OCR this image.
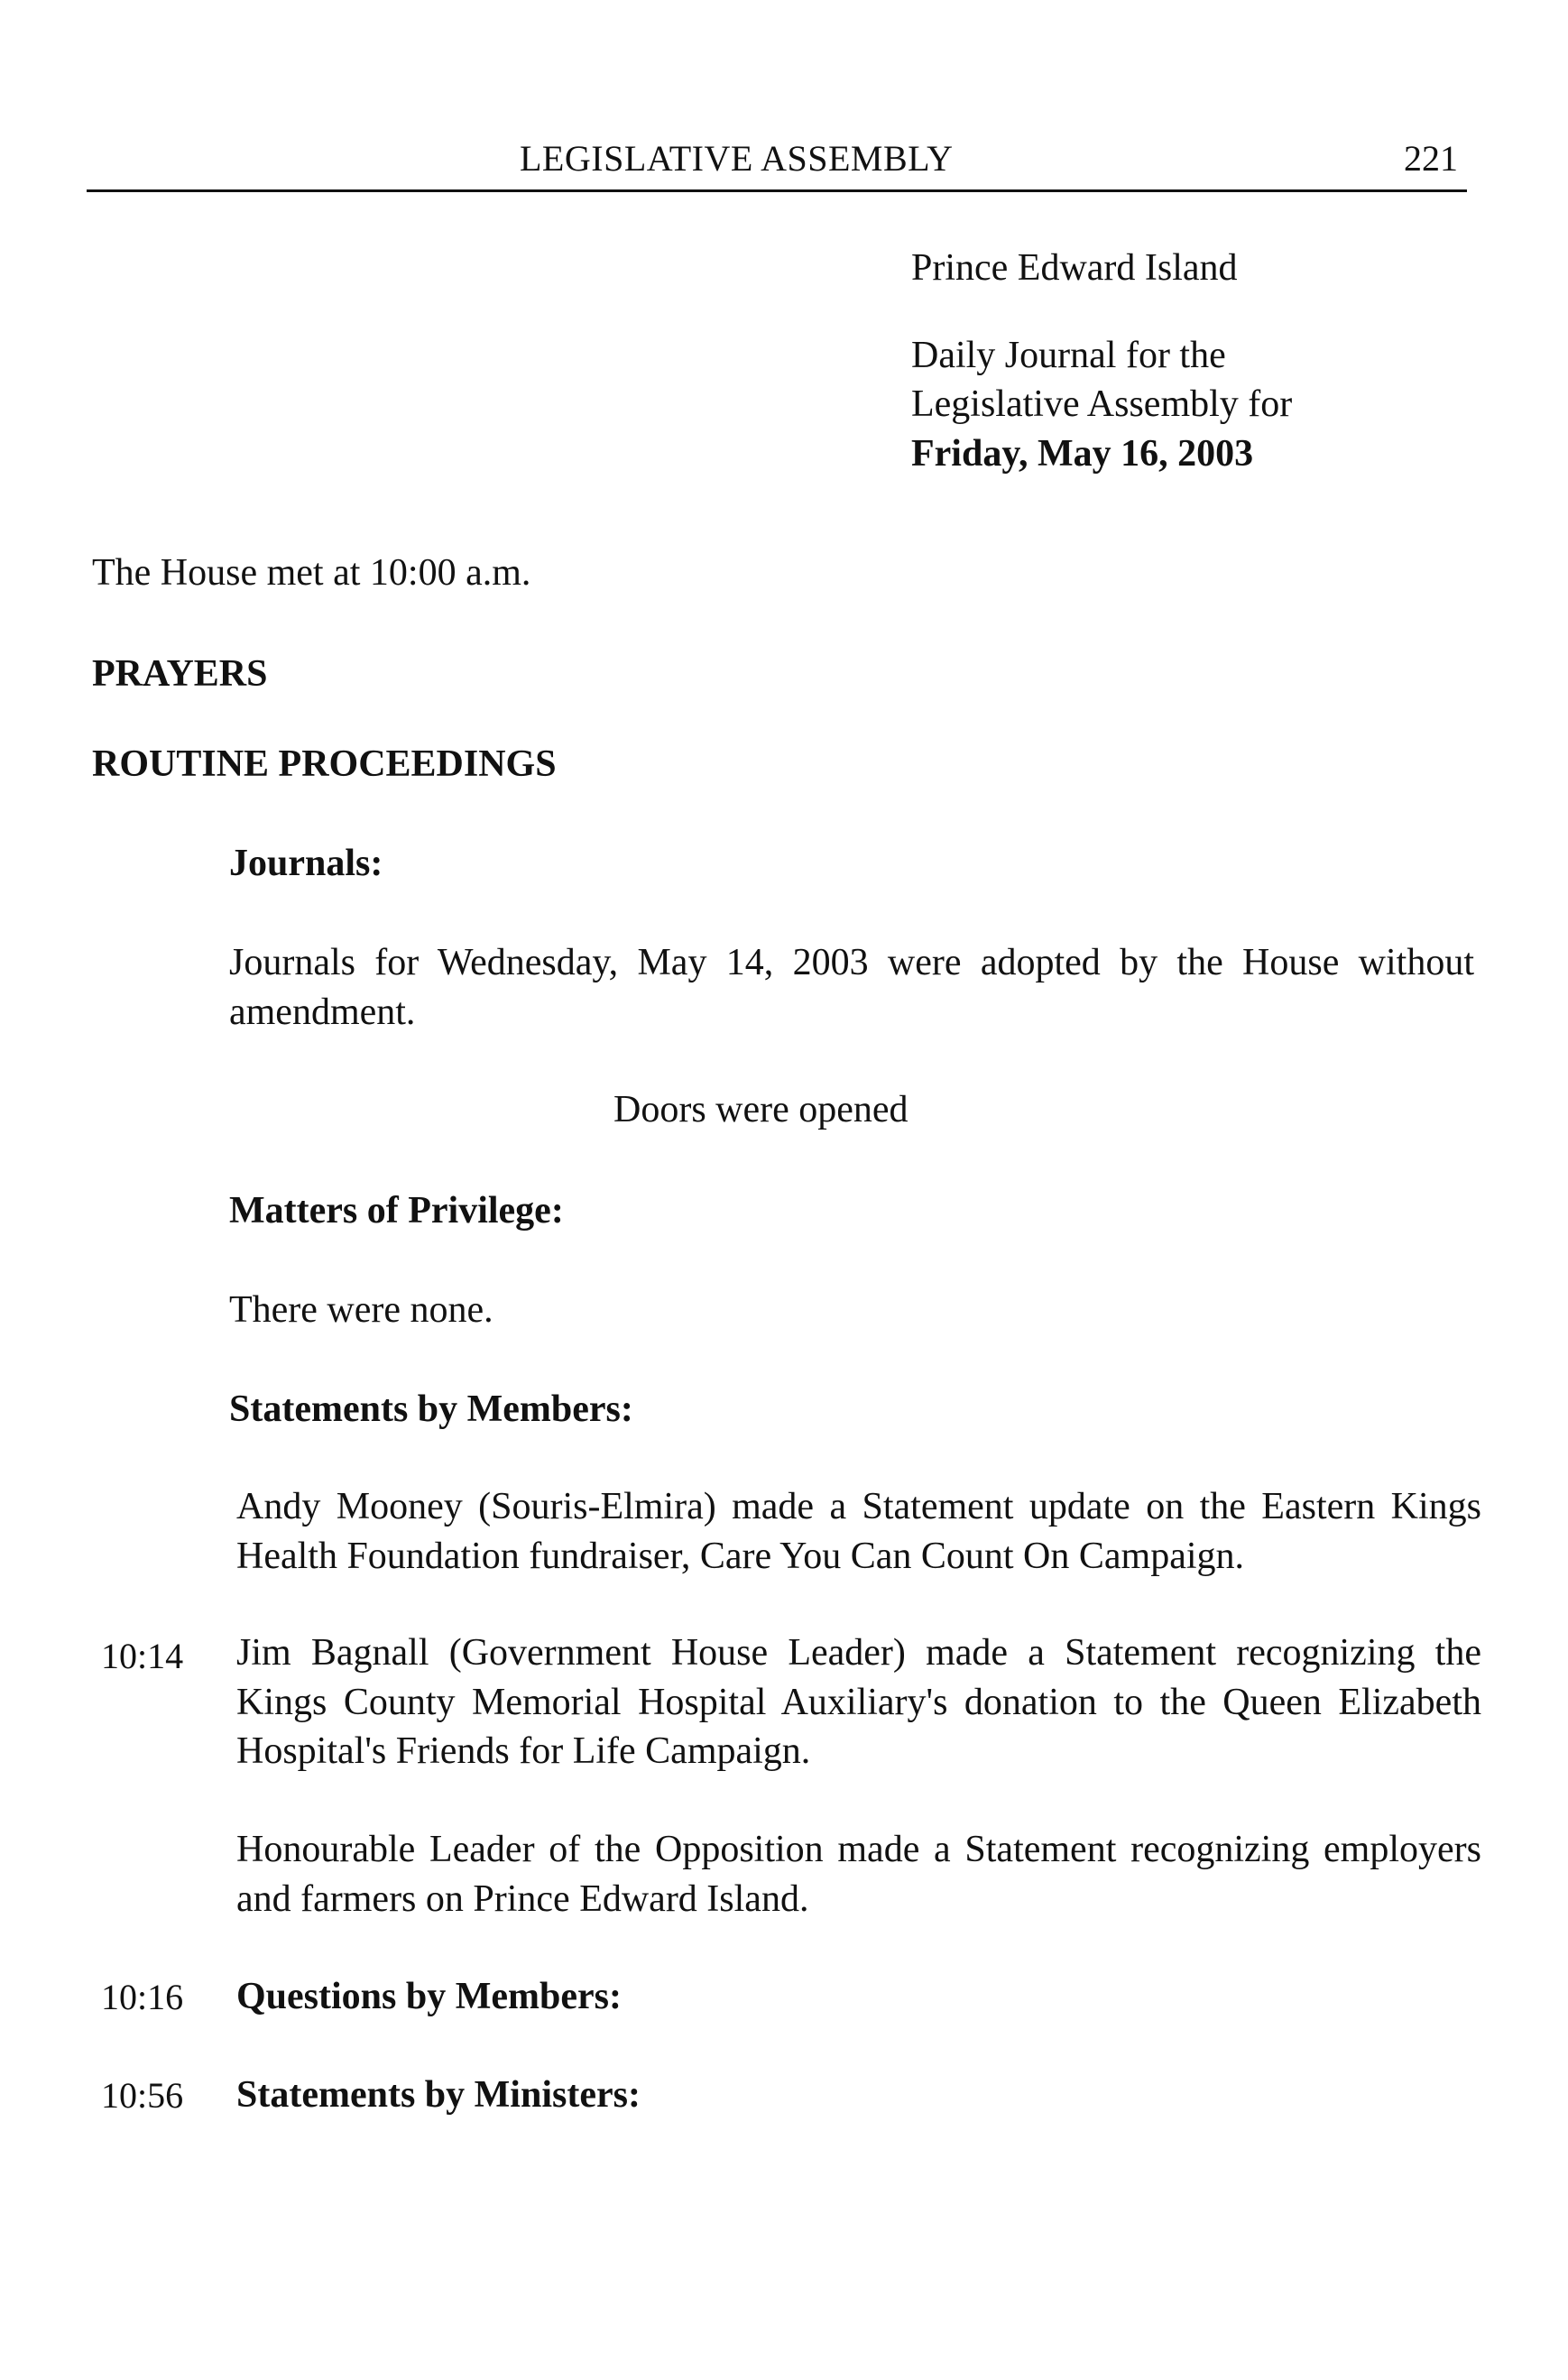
LEGISLATIVE ASSEMBLY	221
Prince Edward Island
Daily Journal for the
Legislative Assembly for
Friday, May 16, 2003

The House met at 10:00 a.m.

PRAYERS

ROUTINE PROCEEDINGS

Journals:

Journals for Wednesday, May 14, 2003 were adopted by the House without amendment.

Doors were opened

Matters of Privilege:

There were none.

Statements by Members:

Andy Mooney (Souris-Elmira) made a Statement update on the Eastern Kings Health Foundation fundraiser, Care You Can Count On Campaign.

10:14 Jim Bagnall (Government House Leader) made a Statement recognizing the Kings County Memorial Hospital Auxiliary's donation to the Queen Elizabeth Hospital's Friends for Life Campaign.

Honourable Leader of the Opposition made a Statement recognizing employers and farmers on Prince Edward Island.

10:16 Questions by Members:

10:56 Statements by Ministers:
